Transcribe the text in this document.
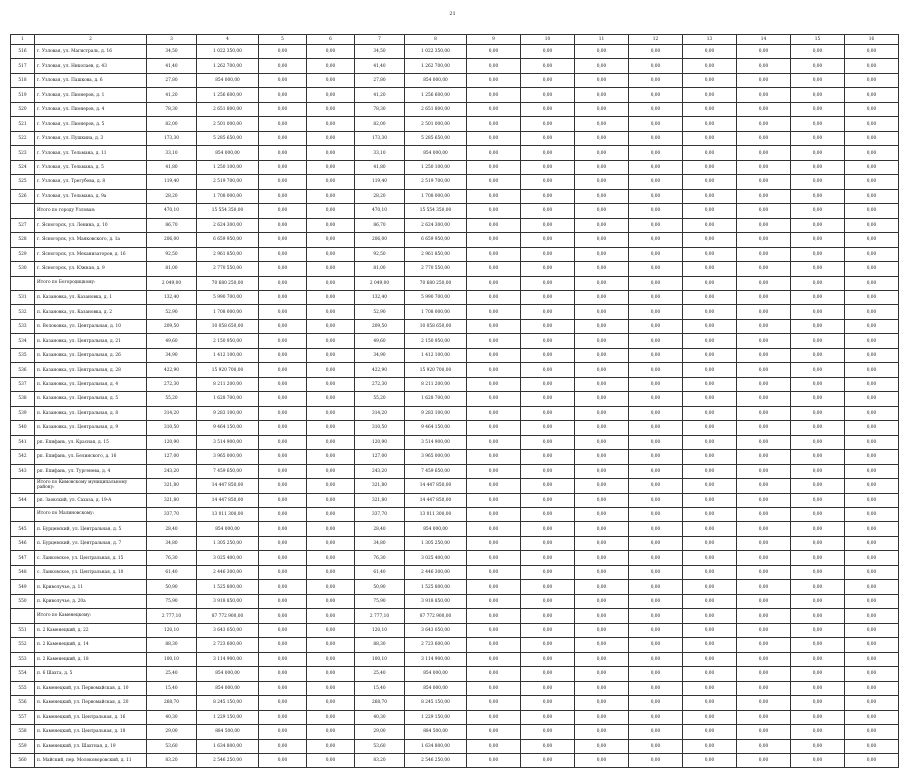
21
1	2	3	4	5	6	7	8	9	10	11	12	13	14	15	16
516	г. Узловая, ул. Магистраль, д. 16	34,50	1 022 350,00	0,00	0,00	34,50	1 022 350,00	0,00	0,00	0,00	0,00	0,00	0,00	0,00	0,00
517	г. Узловая, ул. Николаев, д. 43	41,40	1 262 700,00	0,00	0,00	41,40	1 262 700,00	0,00	0,00	0,00	0,00	0,00	0,00	0,00	0,00
518	г. Узловая, ул. Пашкова, д. 6	27,80	854 000,00	0,00	0,00	27,80	854 000,00	0,00	0,00	0,00	0,00	0,00	0,00	0,00	0,00
519	г. Узловая, ул. Пионеров, д. 1	41,20	1 256 600,00	0,00	0,00	41,20	1 256 600,00	0,00	0,00	0,00	0,00	0,00	0,00	0,00	0,00
520	г. Узловая, ул. Пионеров, д. 4	78,30	2 651 800,00	0,00	0,00	78,30	2 651 800,00	0,00	0,00	0,00	0,00	0,00	0,00	0,00	0,00
521	г. Узловая, ул. Пионеров, д. 5	82,00	2 501 000,00	0,00	0,00	82,00	2 501 000,00	0,00	0,00	0,00	0,00	0,00	0,00	0,00	0,00
522	г. Узловая, ул. Пушкина, д. 3	173,30	5 285 650,00	0,00	0,00	173,30	5 285 650,00	0,00	0,00	0,00	0,00	0,00	0,00	0,00	0,00
523	г. Узловая, ул. Тельмана, д. 11	33,10	854 000,00	0,00	0,00	33,10	854 000,00	0,00	0,00	0,00	0,00	0,00	0,00	0,00	0,00
524	г. Узловая, ул. Тельмана, д. 5	41,80	1 250 100,00	0,00	0,00	41,80	1 250 100,00	0,00	0,00	0,00	0,00	0,00	0,00	0,00	0,00
525	г. Узловая, ул. Трегубова, д. 8	119,40	2 519 700,00	0,00	0,00	119,40	2 519 700,00	0,00	0,00	0,00	0,00	0,00	0,00	0,00	0,00
526	г. Узловая, ул. Тельмана, д. 9а	28,20	1 708 000,00	0,00	0,00	28,20	1 708 000,00	0,00	0,00	0,00	0,00	0,00	0,00	0,00	0,00
	Итого по городу Узловая:	470,10	15 554 350,00	0,00	0,00	470,10	15 554 350,00	0,00	0,00	0,00	0,00	0,00	0,00	0,00	0,00
527	г. Ясногорск, ул. Ленина, д. 10	86,70	2 624 300,00	0,00	0,00	86,70	2 624 300,00	0,00	0,00	0,00	0,00	0,00	0,00	0,00	0,00
528	г. Ясногорск, ул. Маяковского, д. 1а	206,00	6 659 950,00	0,00	0,00	206,00	6 659 950,00	0,00	0,00	0,00	0,00	0,00	0,00	0,00	0,00
529	г. Ясногорск, ул. Механизаторов, д. 16	92,50	2 961 850,00	0,00	0,00	92,50	2 961 850,00	0,00	0,00	0,00	0,00	0,00	0,00	0,00	0,00
530	г. Ясногорск, ул. Южная, д. 9	81,00	2 770 550,00	0,00	0,00	81,00	2 770 550,00	0,00	0,00	0,00	0,00	0,00	0,00	0,00	0,00
	Итого по Богородицкому:	2 049,00	70 680 250,00	0,00	0,00	2 049,00	70 680 250,00	0,00	0,00	0,00	0,00	0,00	0,00	0,00	0,00
531	п. Казановка, ул. Казановка, д. 1	132,40	5 990 700,00	0,00	0,00	132,40	5 990 700,00	0,00	0,00	0,00	0,00	0,00	0,00	0,00	0,00
532	п. Казановка, ул. Казановка, д. 2	52,90	1 708 000,00	0,00	0,00	52,90	1 708 000,00	0,00	0,00	0,00	0,00	0,00	0,00	0,00	0,00
533	п. Волоковка, ул. Центральная, д. 10	209,50	10 058 650,00	0,00	0,00	209,50	10 058 650,00	0,00	0,00	0,00	0,00	0,00	0,00	0,00	0,00
534	п. Казановка, ул. Центральная, д. 21	49,60	2 150 950,00	0,00	0,00	49,60	2 150 950,00	0,00	0,00	0,00	0,00	0,00	0,00	0,00	0,00
535	п. Казановка, ул. Центральная, д. 26	34,90	1 412 100,00	0,00	0,00	34,90	1 412 100,00	0,00	0,00	0,00	0,00	0,00	0,00	0,00	0,00
536	п. Казановка, ул. Центральная, д. 28	422,90	15 920 700,00	0,00	0,00	422,90	15 920 700,00	0,00	0,00	0,00	0,00	0,00	0,00	0,00	0,00
537	п. Казановка, ул. Центральная, д. 4	272,30	8 211 200,00	0,00	0,00	272,30	8 211 200,00	0,00	0,00	0,00	0,00	0,00	0,00	0,00	0,00
538	п. Казановка, ул. Центральная, д. 5	55,20	1 628 700,00	0,00	0,00	55,20	1 628 700,00	0,00	0,00	0,00	0,00	0,00	0,00	0,00	0,00
539	п. Казановка, ул. Центральная, д. 8	314,20	9 283 100,00	0,00	0,00	314,20	9 283 100,00	0,00	0,00	0,00	0,00	0,00	0,00	0,00	0,00
540	п. Казановка, ул. Центральная, д. 9	310,50	9 464 150,00	0,00	0,00	310,50	9 464 150,00	0,00	0,00	0,00	0,00	0,00	0,00	0,00	0,00
541	рп. Епифань, ул. Красная, д. 15	120,90	3 514 900,00	0,00	0,00	120,90	3 514 900,00	0,00	0,00	0,00	0,00	0,00	0,00	0,00	0,00
542	рп. Епифань, ул. Белинского, д. 16	127,00	3 965 000,00	0,00	0,00	127,00	3 965 000,00	0,00	0,00	0,00	0,00	0,00	0,00	0,00	0,00
543	рп. Епифань, ул. Тургенева, д. 4	243,20	7 459 650,00	0,00	0,00	243,20	7 459 650,00	0,00	0,00	0,00	0,00	0,00	0,00	0,00	0,00
	Итого по Кимовскому муниципальному району:	321,80	14 447 850,00	0,00	0,00	321,80	14 447 850,00	0,00	0,00	0,00	0,00	0,00	0,00	0,00	0,00
544	рп. Заокский, ул. Сахаза, д. 19-А	321,80	14 447 850,00	0,00	0,00	321,80	14 447 850,00	0,00	0,00	0,00	0,00	0,00	0,00	0,00	0,00
	Итого по Малиновскому:	337,70	13 011 300,00	0,00	0,00	337,70	13 011 300,00	0,00	0,00	0,00	0,00	0,00	0,00	0,00	0,00
545	п. Бурцевский, ул. Центральная, д. 5	28,40	854 000,00	0,00	0,00	28,40	854 000,00	0,00	0,00	0,00	0,00	0,00	0,00	0,00	0,00
546	п. Бурцевский, ул. Центральная, д. 7	34,80	1 305 250,00	0,00	0,00	34,80	1 305 250,00	0,00	0,00	0,00	0,00	0,00	0,00	0,00	0,00
547	с. Ланковское, ул. Центральная, д. 15	76,30	3 025 400,00	0,00	0,00	76,30	3 025 400,00	0,00	0,00	0,00	0,00	0,00	0,00	0,00	0,00
548	с. Ланковское, ул. Центральная, д. 10	61,40	2 446 300,00	0,00	0,00	61,40	2 446 300,00	0,00	0,00	0,00	0,00	0,00	0,00	0,00	0,00
549	п. Криволучье, д. 11	50,90	1 525 800,00	0,00	0,00	50,90	1 525 800,00	0,00	0,00	0,00	0,00	0,00	0,00	0,00	0,00
550	п. Криволучье, д. 20а	75,90	3 918 850,00	0,00	0,00	75,90	3 918 850,00	0,00	0,00	0,00	0,00	0,00	0,00	0,00	0,00
	Итого по Каменецкому:	2 777,10	87 772 900,00	0,00	0,00	2 777,10	87 772 900,00	0,00	0,00	0,00	0,00	0,00	0,00	0,00	0,00
551	п. 2 Каменецкий, д. 22	120,10	3 643 050,00	0,00	0,00	120,10	3 643 050,00	0,00	0,00	0,00	0,00	0,00	0,00	0,00	0,00
552	п. 2 Каменецкий, д. 14	88,30	2 723 600,00	0,00	0,00	88,30	2 723 600,00	0,00	0,00	0,00	0,00	0,00	0,00	0,00	0,00
553	п. 2 Каменецкий, д. 18	100,10	3 114 900,00	0,00	0,00	100,10	3 114 900,00	0,00	0,00	0,00	0,00	0,00	0,00	0,00	0,00
554	п. 6 Шахта, д. 5	25,40	854 000,00	0,00	0,00	25,40	854 000,00	0,00	0,00	0,00	0,00	0,00	0,00	0,00	0,00
555	п. Каменецкий, ул. Первомайская, д. 10	15,40	854 000,00	0,00	0,00	15,40	854 000,00	0,00	0,00	0,00	0,00	0,00	0,00	0,00	0,00
556	п. Каменецкий, ул. Первомайская, д. 20	268,70	8 245 150,00	0,00	0,00	268,70	8 245 150,00	0,00	0,00	0,00	0,00	0,00	0,00	0,00	0,00
557	п. Каменецкий, ул. Центральная, д. 16	40,30	1 229 150,00	0,00	0,00	40,30	1 229 150,00	0,00	0,00	0,00	0,00	0,00	0,00	0,00	0,00
558	п. Каменецкий, ул. Центральная, д. 18	29,00	884 500,00	0,00	0,00	29,00	884 500,00	0,00	0,00	0,00	0,00	0,00	0,00	0,00	0,00
559	п. Каменецкий, ул. Шахтная, д. 19	53,60	1 634 800,00	0,00	0,00	53,60	1 634 800,00	0,00	0,00	0,00	0,00	0,00	0,00	0,00	0,00
560	п. Майский, пер. Молоковоровский, д. 11	83,20	2 546 250,00	0,00	0,00	83,20	2 546 250,00	0,00	0,00	0,00	0,00	0,00	0,00	0,00	0,00
